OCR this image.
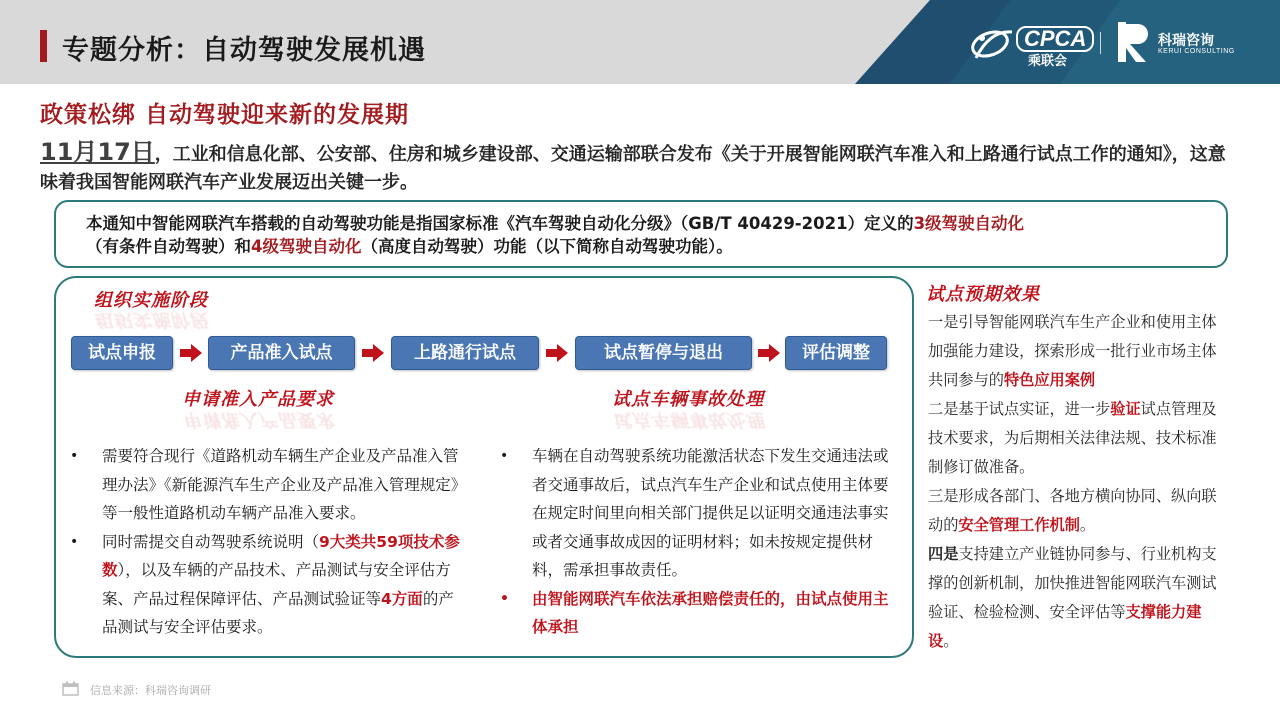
专题分析：自动驾驶发展机遇	CPCA
乘联会
科瑞咨询
KERUI CONSULTING
政策松绑 自动驾驶迎来新的发展期
11月17日，工业和信息化部、公安部、住房和城乡建设部、交通运输部联合发布《关于开展智能网联汽车准入和上路通行试点工作的通知》，这意味着我国智能网联汽车产业发展迈出关键一步。
本通知中智能网联汽车搭载的自动驾驶功能是指国家标准《汽车驾驶自动化分级》（GB/T 40429-2021）定义的3级驾驶自动化
（有条件自动驾驶）和4级驾驶自动化（高度自动驾驶）功能（以下简称自动驾驶功能）。
组织实施阶段
组织实施阶段
试点申报	产品准入试点	上路通行试点	试点暂停与退出	评估调整
申请准入产品要求
申请准入产品要求
试点车辆事故处理
试点车辆事故处理
• 需要符合现行《道路机动车辆生产企业及产品准入管理办法》《新能源汽车生产企业及产品准入管理规定》等一般性道路机动车辆产品准入要求。
• 同时需提交自动驾驶系统说明（9大类共59项技术参数），以及车辆的产品技术、产品测试与安全评估方案、产品过程保障评估、产品测试验证等4方面的产品测试与安全评估要求。
• 车辆在自动驾驶系统功能激活状态下发生交通违法或者交通事故后，试点汽车生产企业和试点使用主体要在规定时间里向相关部门提供足以证明交通违法事实或者交通事故成因的证明材料；如未按规定提供材料，需承担事故责任。
• 由智能网联汽车依法承担赔偿责任的，由试点使用主体承担
试点预期效果

一是引导智能网联汽车生产企业和使用主体加强能力建设，探索形成一批行业市场主体共同参与的特色应用案例

二是基于试点实证，进一步验证试点管理及技术要求，为后期相关法律法规、技术标准制修订做准备。

三是形成各部门、各地方横向协同、纵向联动的安全管理工作机制。

四是支持建立产业链协同参与、行业机构支撑的创新机制，加快推进智能网联汽车测试验证、检验检测、安全评估等支撑能力建设。

信息来源：科瑞咨询调研
